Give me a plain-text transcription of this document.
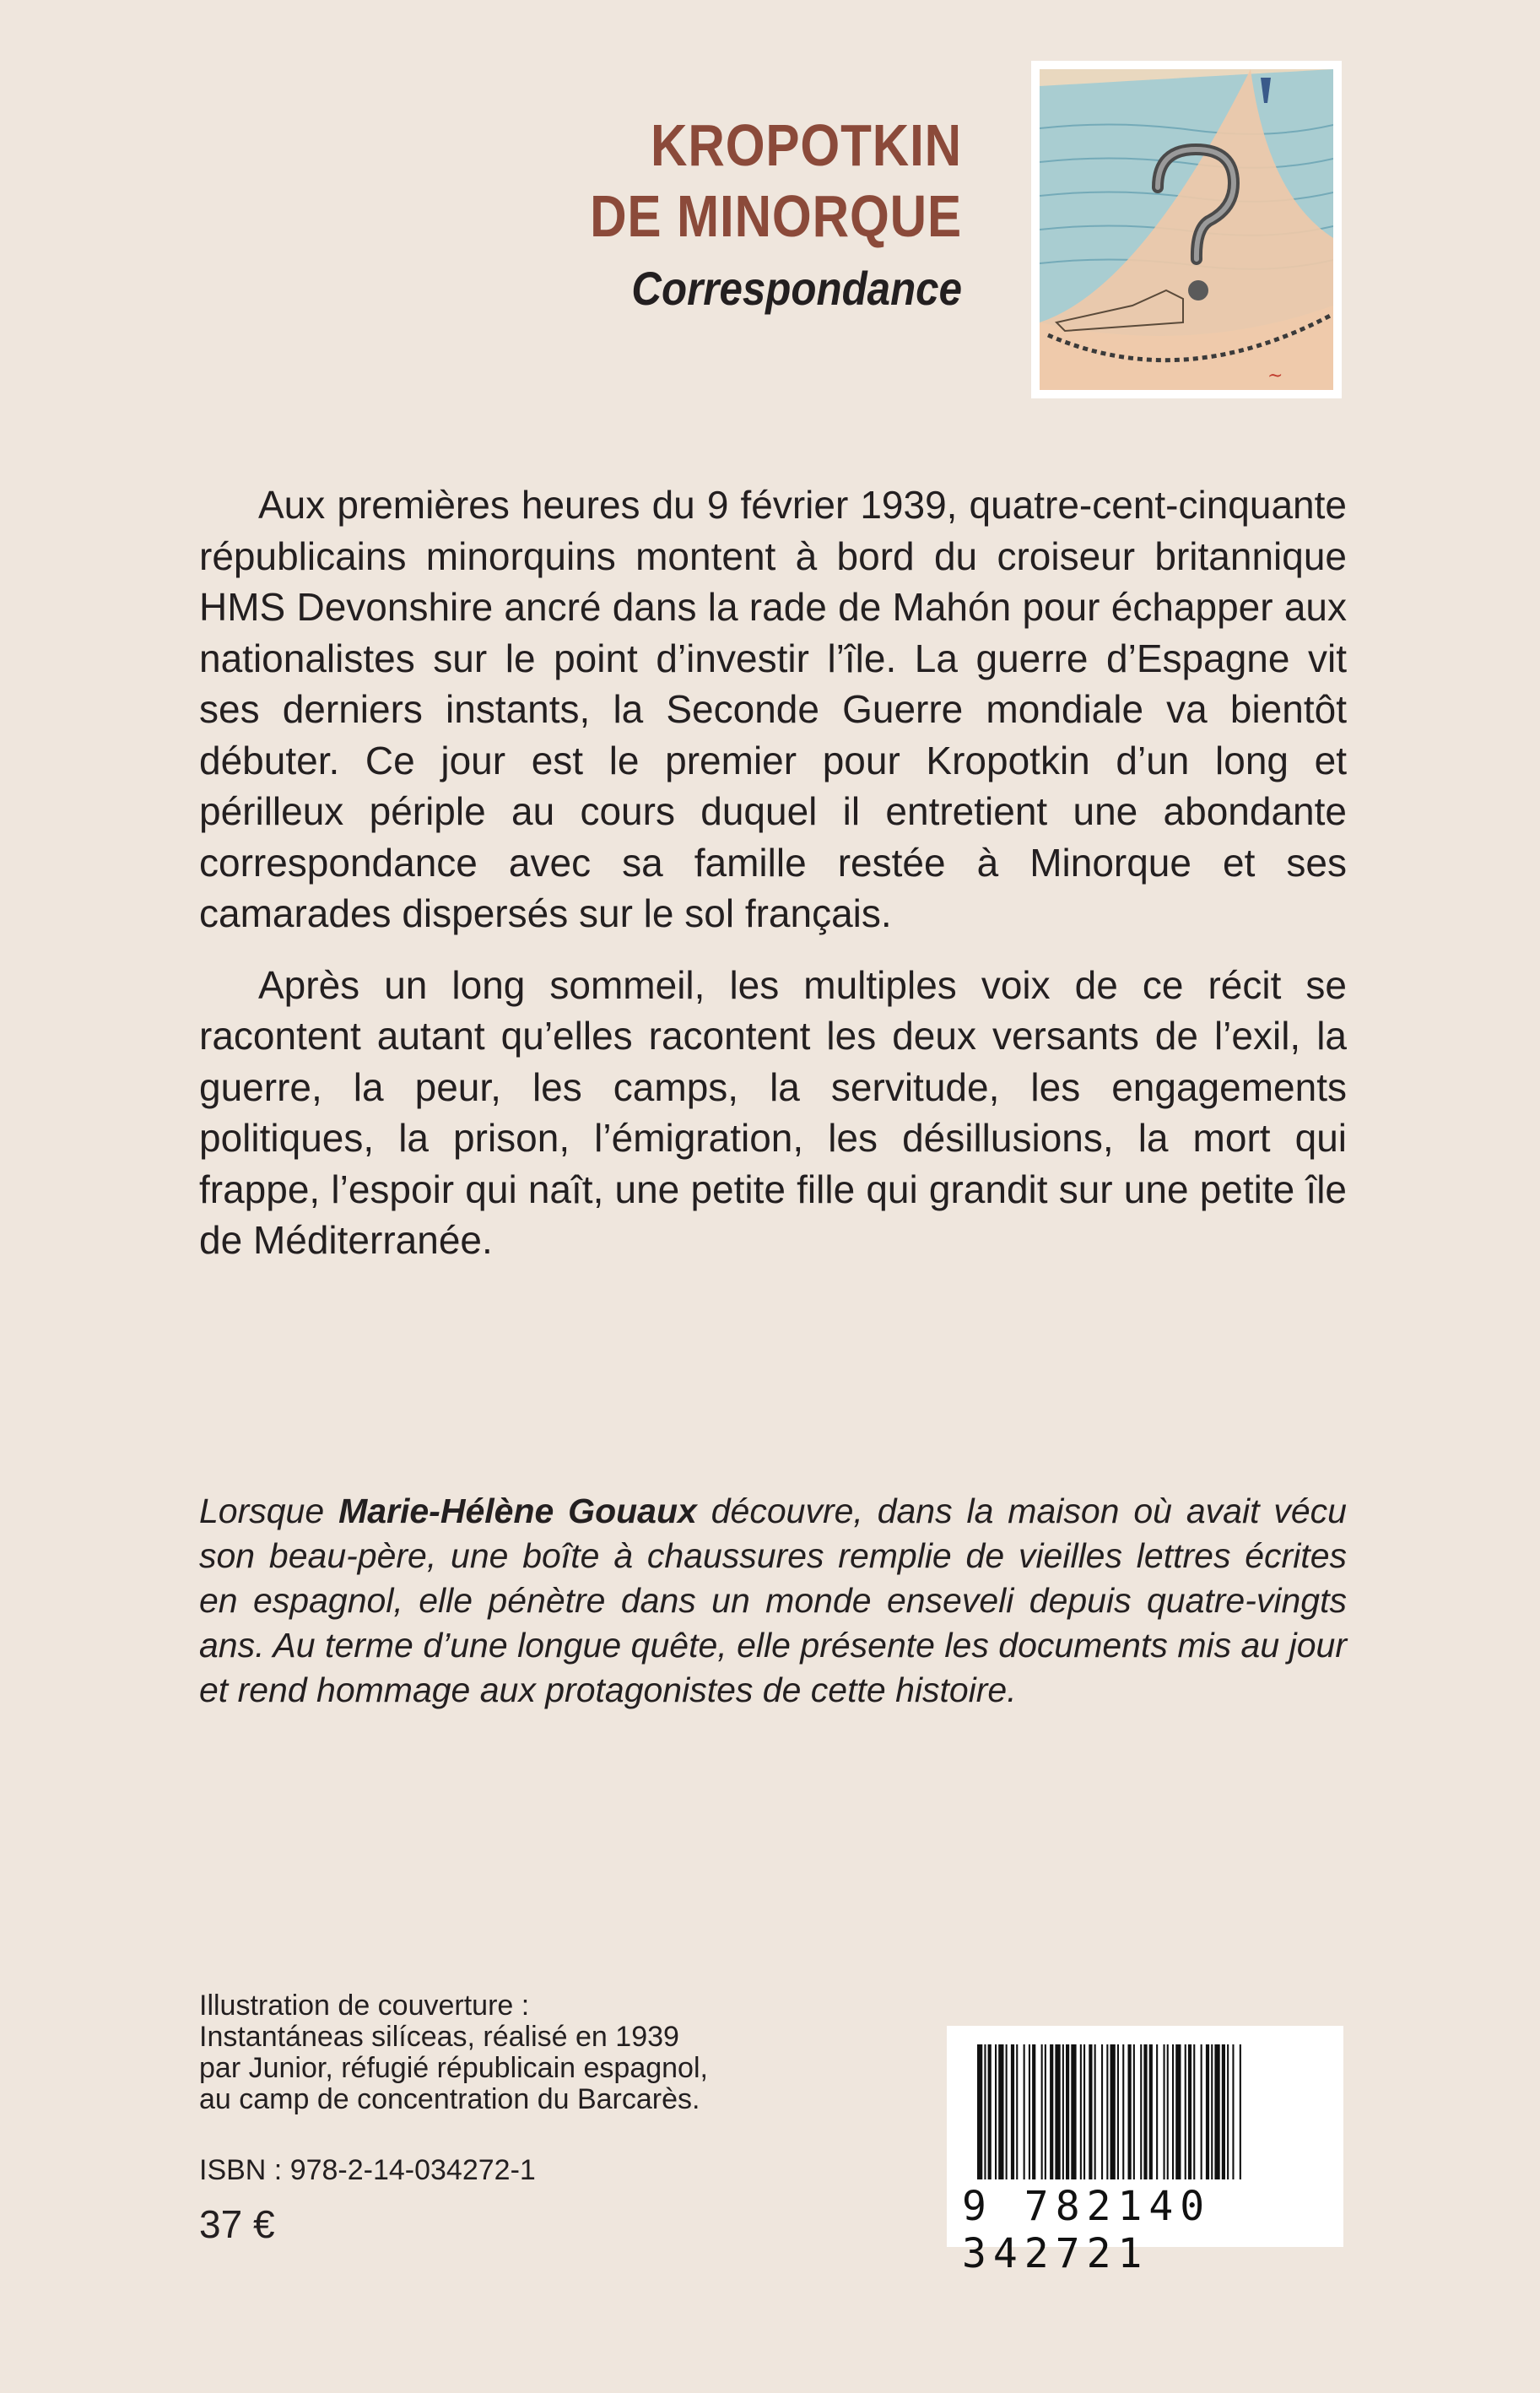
KROPOTKIN
DE MINORQUE
Correspondance
~

Aux premières heures du 9 février 1939, quatre-cent-cinquante républicains minorquins montent à bord du croiseur britannique HMS Devonshire ancré dans la rade de Mahón pour échapper aux nationalistes sur le point d’investir l’île. La guerre d’Espagne vit ses derniers instants, la Seconde Guerre mondiale va bientôt débuter. Ce jour est le premier pour Kropotkin d’un long et périlleux périple au cours duquel il entretient une abondante correspondance avec sa famille restée à Minorque et ses camarades dispersés sur le sol français.

Après un long sommeil, les multiples voix de ce récit se racontent autant qu’elles racontent les deux versants de l’exil, la guerre, la peur, les camps, la servitude, les engagements politiques, la prison, l’émigration, les désillusions, la mort qui frappe, l’espoir qui naît, une petite fille qui grandit sur une petite île de Méditerranée.

Lorsque Marie-Hélène Gouaux découvre, dans la maison où avait vécu son beau-père, une boîte à chaussures remplie de vieilles lettres écrites en espagnol, elle pénètre dans un monde enseveli depuis quatre-vingts ans. Au terme d’une longue quête, elle présente les documents mis au jour et rend hommage aux protagonistes de cette histoire.
Illustration de couverture :
Instantáneas silíceas, réalisé en 1939
par Junior, réfugié républicain espagnol,
au camp de concentration du Barcarès.
ISBN : 978-2-14-034272-1
37 €	9 782140 342721
